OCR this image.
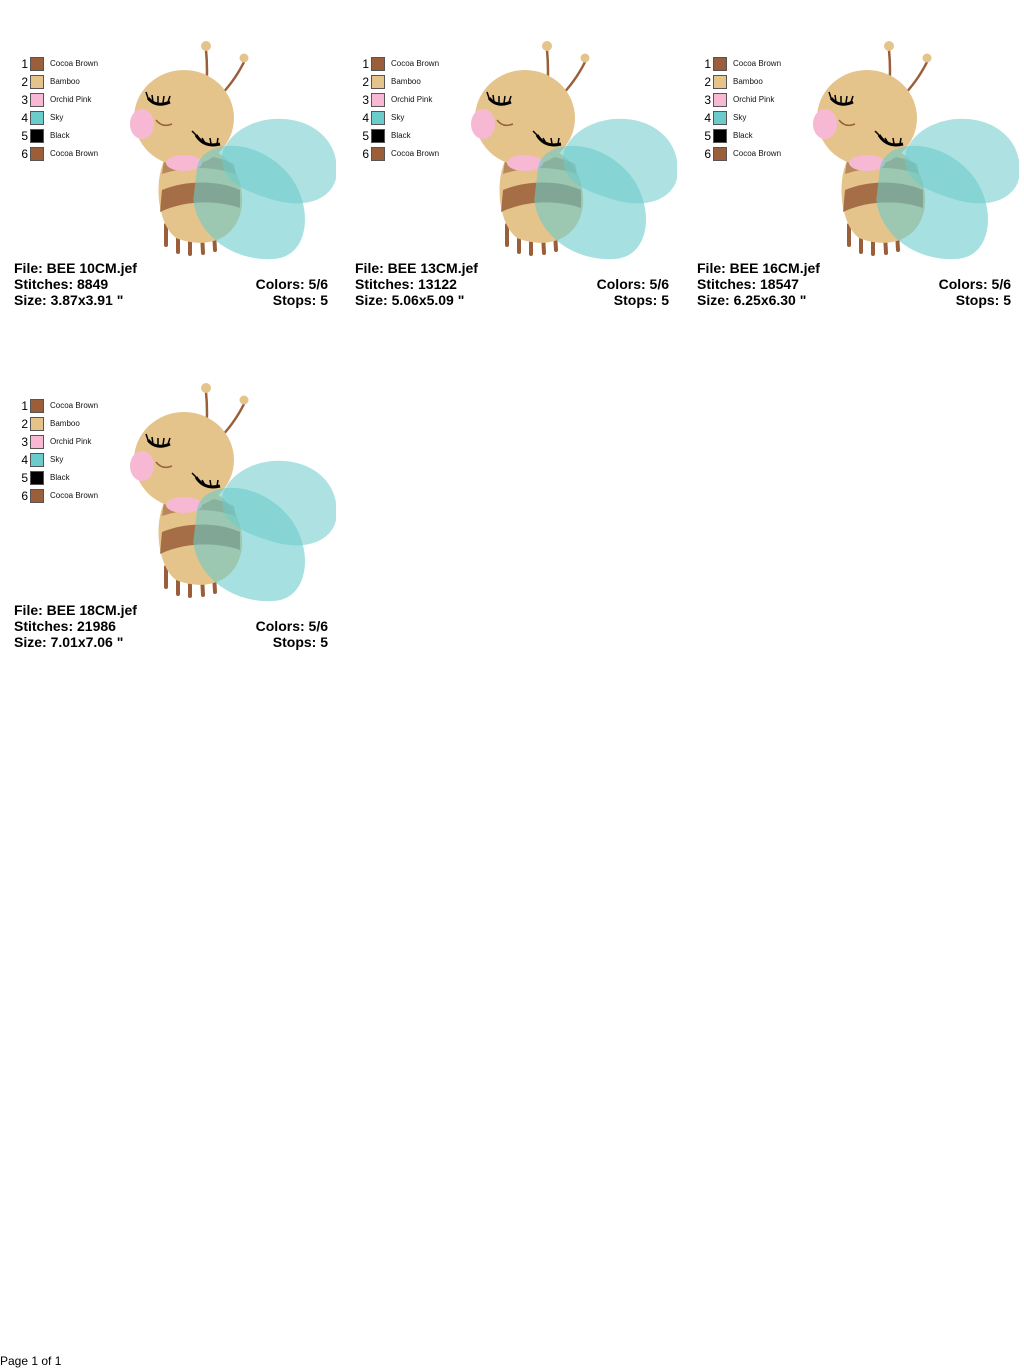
1	Cocoa Brown
2	Bamboo
3	Orchid Pink
4	Sky
5	Black
6	Cocoa Brown
File: BEE 10CM.jef
Stitches: 8849	Colors: 5/6
Size: 3.87x3.91 "	Stops: 5
1	Cocoa Brown
2	Bamboo
3	Orchid Pink
4	Sky
5	Black
6	Cocoa Brown
File: BEE 13CM.jef
Stitches: 13122	Colors: 5/6
Size: 5.06x5.09 "	Stops: 5
1	Cocoa Brown
2	Bamboo
3	Orchid Pink
4	Sky
5	Black
6	Cocoa Brown
File: BEE 16CM.jef
Stitches: 18547	Colors: 5/6
Size: 6.25x6.30 "	Stops: 5
1	Cocoa Brown
2	Bamboo
3	Orchid Pink
4	Sky
5	Black
6	Cocoa Brown
File: BEE 18CM.jef
Stitches: 21986	Colors: 5/6
Size: 7.01x7.06 "	Stops: 5
Page 1 of 1
